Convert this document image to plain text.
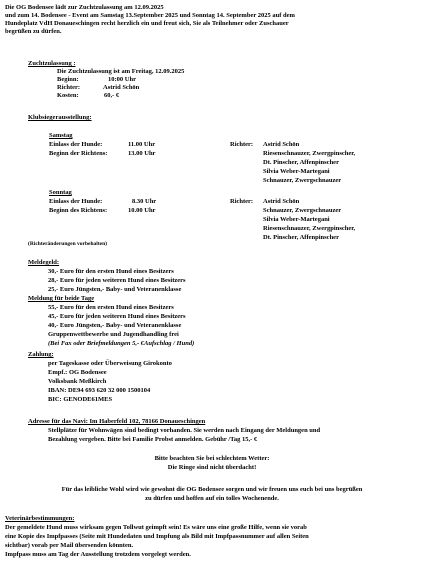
Die OG Bodensee lädt zur Zuchtzulassung am 12.09.2025
und zum 14. Bodensee - Event am Samstag 13.September 2025 und Sonntag 14. September 2025 auf dem
Hundeplatz VdH Donaueschingen recht herzlich ein und freut sich, Sie als Teilnehmer oder Zuschauer
begrüßen zu dürfen.
Zuchtzulassung :
Die Zuchtzulassung ist am Freitag, 12.09.2025
Beginn:	10:00 Uhr
Richter:	Astrid Schön
Kosten:	60,- €
Klubsiegerausstellung:
Samstag
Einlass der Hunde:	11.00 Uhr
Beginn der Richtens:	13.00 Uhr
Richter: Astrid Schön
Riesenschnauzer, Zwergpinscher,
Dt. Pinscher, Affenpinscher
Silvia Weber-Martegani
Schnauzer, Zwergschnauzer
Sonntag
Einlass der Hunde:	8.30 Uhr
Beginn des Richtens:	10.00 Uhr
Richter: Astrid Schön
Schnauzer, Zwergschnauzer
Silvia Weber-Martegani
Riesenschnauzer, Zwergpinscher,
Dt. Pinscher, Affenpinscher
(Richteränderungen vorbehalten)
Meldegeld:
30,- Euro für den ersten Hund eines Besitzers
28,- Euro für jeden weiteren Hund eines Besitzers
25,- Euro Jüngsten,- Baby- und Veteranenklasse
Meldung für beide Tage
55,- Euro für den ersten Hund eines Besitzers
45,- Euro für jeden weiteren Hund eines Besitzers
40,- Euro Jüngsten,- Baby- und Veteranenklasse
Gruppenwettbewerbe und Jugendhandling frei
(Bei Fax oder Briefmeldungen 5,- €Aufschlag / Hund)
Zahlung:
per Tageskasse oder Überweisung Girokonto
Empf.: OG Bodensee
Volksbank Meßkirch
IBAN: DE94 693 620 32 000 1500104
BIC: GENODE61MES
Adresse für das Navi: Im Haberfeld 102, 78166 Donaueschingen
Stellplätze für Wohnwägen sind bedingt vorhanden. Sie werden nach Eingang der Meldungen und
Bezahlung vergeben. Bitte bei Familie Probst anmelden. Gebühr /Tag 15,- €
Bitte beachten Sie bei schlechtem Wetter:
Die Ringe sind nicht überdacht!
Für das leibliche Wohl wird wie gewohnt die OG Bodensee sorgen und wir freuen uns euch bei uns begrüßen
zu dürfen und hoffen auf ein tolles Wochenende.
Veterinärbestimmungen:
Der gemeldete Hund muss wirksam gegen Tollwut geimpft sein! Es wäre uns eine große Hilfe, wenn sie vorab
eine Kopie des Impfpasses (Seite mit Hundedaten und Impfung als Bild mit Impfpassnummer auf allen Seiten
sichtbar) vorab per Mail übersenden könnten.
Impfpass muss am Tag der Ausstellung trotzdem vorgelegt werden.
